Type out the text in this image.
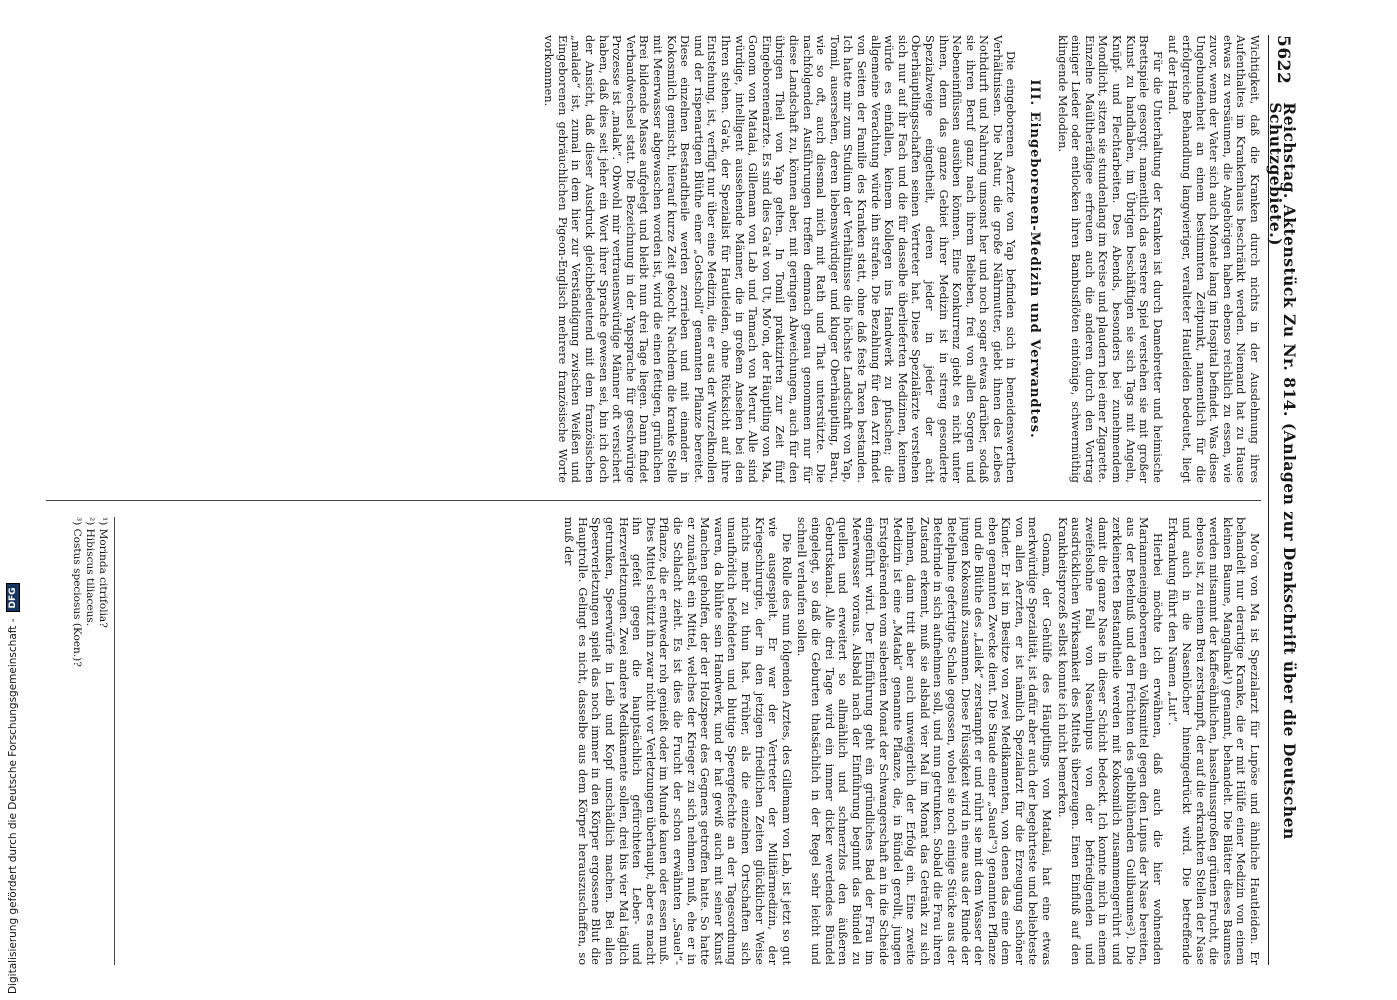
5622
Reichstag. Aktenstück Zu Nr. 814. (Anlagen zur Denkschrift über die Deutschen Schutzgebiete.)

Wichtigkeit, daß die Kranken durch nichts in der Ausdehnung ihres Aufenthaltes im Krankenhaus beschränkt werden. Niemand hat zu Hause etwas zu versäumen, die Angehörigen haben ebenso reichlich zu essen, wie zuvor, wenn der Vater sich auch Monate lang im Hospital befindet. Was diese Ungebundenheit an einem bestimmten Zeitpunkt, namentlich für die erfolgreiche Behandlung langwieriger, veralteter Hautleiden bedeutet, liegt auf der Hand.

Für die Unterhaltung der Kranken ist durch Damebretter und heimische Brettspiele gesorgt; namentlich das erstere Spiel verstehen sie mit großer Kunst zu handhaben, im Übrigen beschäftigen sie sich Tags mit Angeln, Knüpf- und Flechtarbeiten. Des Abends, besonders bei zunehmendem Mondlicht, sitzen sie stundenlang im Kreise und plaudern bei einer Zigarette. Einzelne Maültheräfligee erfreuen auch die anderen durch den Vortrag einiger Lieder oder entlocken ihren Bambusflöten eintönige, schwermüthig klingende Melodien.

III. Eingeborenen-Medizin und Verwandtes.

Die eingeborenen Aerzte von Yap befinden sich in beneidenswerthen Verhältnissen. Die Natur, die große Nährmutter, giebt ihnen des Leibes Nothdurft und Nahrung umsonst her und noch sogar etwas darüber, sodaß sie ihren Beruf ganz nach ihrem Belieben, frei von allen Sorgen und Nebeneinflüssen ausüben können. Eine Konkurrenz giebt es nicht unter ihnen, denn das ganze Gebiet ihrer Medizin ist in streng gesonderte Spezialzweige eingetheilt, deren jeder in jeder der acht Oberhäuptlingsschaften seinen Vertreter hat. Diese Spezialärzte verstehen sich nur auf ihr Fach und die für dasselbe überlieferten Medizinen, keinem würde es einfallen, keinem Kollegen ins Handwerk zu pfuschen; die allgemeine Verachtung würde ihn strafen. Die Bezahlung für den Arzt findet von Seiten der Familie des Kranken statt, ohne daß feste Taxen bestanden. Ich hatte mir zum Studium der Verhältnisse die höchste Landschaft von Yap, Tomil, ausersehen, deren liebenswürdiger und kluger Oberhäuptling, Baru, wie so oft, auch diesmal mich mit Rath und That unterstützte. Die nachfolgenden Ausführungen treffen demnach genau genommen nur für diese Landschaft zu, können aber, mit geringen Abweichungen, auch für den übrigen Theil von Yap gelten. In Tomil praktizirten zur Zeit fünf Eingeborenenärzte. Es sind dies Ga'at von Ut, Mo'on, der Häuptling von Ma, Gonom von Matalai, Gillemam von Lab und Tamach von Merur. Alle sind würdige, intelligent aussehende Männer, die in großem Ansehen bei den Ihren stehen. Ga'at, der Spezialist für Hautleiden, ohne Rücksicht auf ihre Entstehung, ist, verfügt nur über eine Medizin, die er aus der Wurzelknollen und der rispenartigen Blüthe einer „Gotschoil“ genannten Pflanze bereitet. Diese einzelnen Bestandtheile werden zerrieben und mit einander in Kokosmilch gemischt, hierauf kurze Zeit gekocht. Nachdem die kranke Stelle mit Meerwasser abgewaschen worden ist, wird die einen fettigen, grünlichen Brei bildende Masse aufgelegt und bleibt nun drei Tage liegen. Dann findet Verbandwechsel statt. Die Bezeichnung in der Yapsprache für geschwürige Prozesse ist „malak“. Obwohl mir vertrauenswürdige Männer oft versichert haben, daß dies seit jeher ein Wort ihrer Sprache gewesen sei, bin ich doch der Ansicht, daß dieser Ausdruck gleichbedeutend mit dem französischen „malade“ ist, zumal in dem hier zur Verständigung zwischen Weißen und Eingeborenen gebräuchlichen Pigeon-Englisch mehrere französische Worte vorkommen.

Mo'on von Ma ist Spezialarzt für Lupöse und ähnliche Hautleiden. Er behandelt nur derartige Kranke, die er mit Hülfe einer Medizin von einem kleinen Baume, Mangalnak¹) genannt, behandelt. Die Blätter dieses Baumes werden mitsammt der kaffeeähnlichen, hasselnussgroßen grünen Frucht, die ebenso ist, zu einem Brei zerstampft, der auf die erkrankten Stellen der Nase und auch in die Nasenlöcher hineingedrückt wird. Die betreffende Erkrankung führt den Namen „Lut“.

Hierbei möchte ich erwähnen, daß auch die hier wohnenden Marianneneingeborenen ein Volksmittel gegen den Lupus der Nase bereiten, aus der Betelnuß und den Früchten des gelbblühenden Gulibaumes²). Die zerkleinerten Bestandtheile werden mit Kokosmilch zusammengerührt und damit die ganze Nase in dieser Schicht bedeckt. Ich konnte mich in einem zweifelsohne Fall von Nasenlupus von der befriedigenden und ausdrücklichen Wirksamkeit des Mittels überzeugen. Einen Einfluß auf den Krankheitsprozeß selbst konnte ich nicht bemerken.

Gonam, der Gehülfe des Häuptlings von Matalai, hat eine etwas merkwürdige Spezialität, ist dafür aber auch der begehrteste und beliebteste von allen Aerzten, er ist nämlich Spezialarzt für die Erzeugung schöner Kinder. Er ist im Besitze von zwei Medikamenten, von denen das eine dem eben genannten Zwecke dient. Die Staude einer „Sauel“³) genannten Pflanze und die Blüthe des „Lailek“ zerstampft er und rührt sie mit dem Wasser der jungen Kokosnuß zusammen. Diese Flüssigkeit wird in eine aus der Rinde der Betelpalme gefertigte Schale gegossen, wobei sie noch einige Stücke aus der Betelrinde in sich aufnehmen soll, und nun getrunken. Sobald die Frau ihren Zustand erkennt, muß sie alsbald vier Mal im Monat das Getränk zu sich nehmen, dann tritt aber auch unweigerlich der Erfolg ein. Eine zweite Medizin ist eine „Mataki“ genannte Pflanze, die, in Bündel gerollt, jungen Erstgebärenden vom siebenten Monat der Schwangerschaft an in die Scheide eingeführt wird. Der Einführung geht ein gründliches Bad der Frau im Meerwasser voraus. Alsbald nach der Einführung beginnt das Bündel zu quellen und erweitert so allmählich und schmerzlos den äußeren Geburtskanal. Alle drei Tage wird ein immer dicker werdendes Bündel eingelegt, so daß die Geburten thatsächlich in der Regel sehr leicht und schnell verlaufen sollen.

Die Rolle des nun folgenden Arztes, des Gillemam von Lab, ist jetzt so gut wie ausgespielt. Er war der Vertreter der Militärmedizin, der Kriegschirurgie, der in den jetzigen friedlichen Zeiten glücklicher Weise nichts mehr zu thun hat. Früher, als die einzelnen Ortschaften sich unaufhörlich befehdeten und blutige Speergefechte an der Tagesordnung waren, da blühte sein Handwerk, und er hat gewiß auch mit seiner Kunst Manchen geholfen, der der Holzspeer des Gegners getroffen hatte. So hatte er zunächst ein Mittel, welches der Krieger zu sich nehmen muß, ehe er in die Schlacht zieht. Es ist dies die Frucht der schon erwähnten „Sauel“-Pflanze, die er entweder roh genießt oder im Munde kauen oder essen muß. Dies Mittel schützt ihn zwar nicht vor Verletzungen überhaupt, aber es macht ihn gefeit gegen die hauptsächlich gefürchteten Leber- und Herzverletzungen. Zwei andere Medikamente sollen, drei bis vier Mal täglich getrunken, Speerwürfe in Leib und Kopf unschädlich machen. Bei allen Speerverletzungen spielt das noch immer in den Körper ergossene Blut die Hauptrolle. Gelingt es nicht, dasselbe aus dem Körper herauszuschaffen, so muß der

¹) Morinda citrifolia?
²) Hibiscus tiliaceus.
³) Costus speciosus (Koen.)?
Digitalisierung gefördert durch die Deutsche Forschungsgemeinschaft -
DFG
